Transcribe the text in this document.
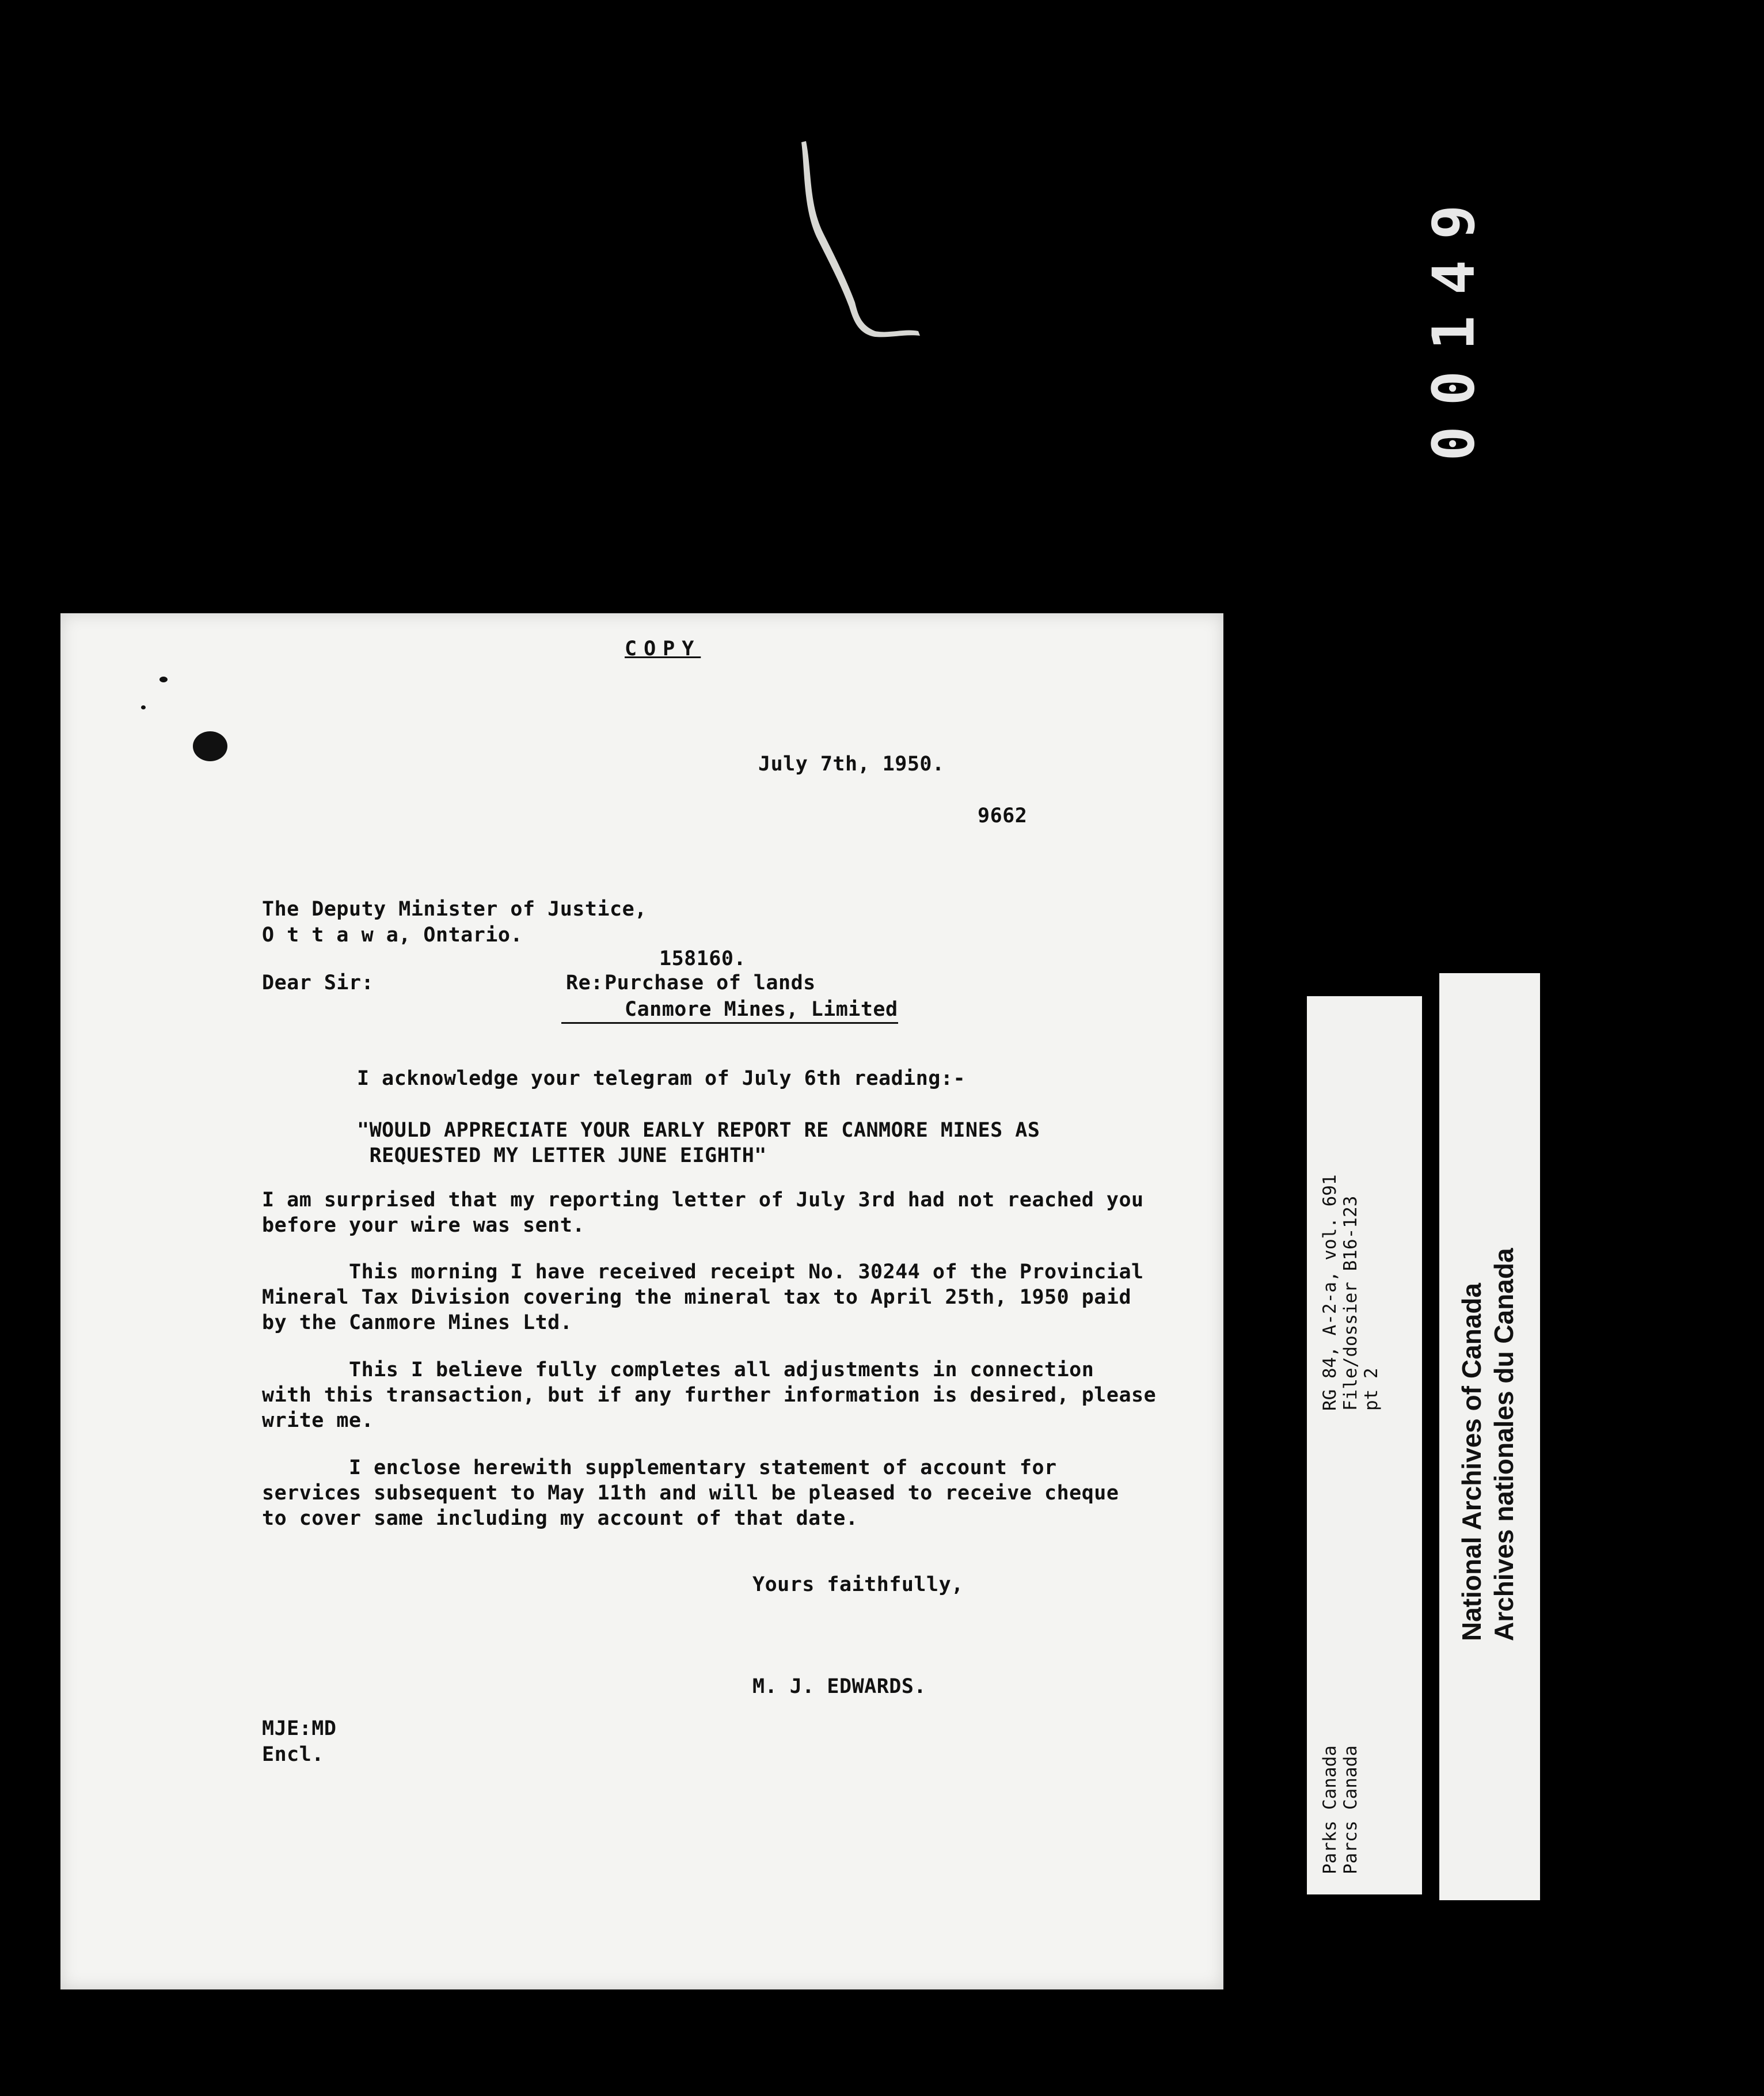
00149
COPY
July 7th, 1950.
9662
The Deputy Minister of Justice,
O t t a w a, Ontario.
158160.
Dear Sir:	Re: Purchase of lands
Canmore Mines, Limited
I acknowledge your telegram of July 6th reading:-
"WOULD APPRECIATE YOUR EARLY REPORT RE CANMORE MINES AS
REQUESTED MY LETTER JUNE EIGHTH"
I am surprised that my reporting letter of July 3rd had not reached you
before your wire was sent.
This morning I have received receipt No. 30244 of the Provincial
Mineral Tax Division covering the mineral tax to April 25th, 1950 paid
by the Canmore Mines Ltd.
This I believe fully completes all adjustments in connection
with this transaction, but if any further information is desired, please
write me.
I enclose herewith supplementary statement of account for
services subsequent to May 11th and will be pleased to receive cheque
to cover same including my account of that date.
Yours faithfully,
M. J. EDWARDS.
MJE:MD
Encl.
RG 84, A-2-a, vol. 691 File/dossier B16-123 pt 2
Parks Canada Parcs Canada
National Archives of Canada Archives nationales du Canada
